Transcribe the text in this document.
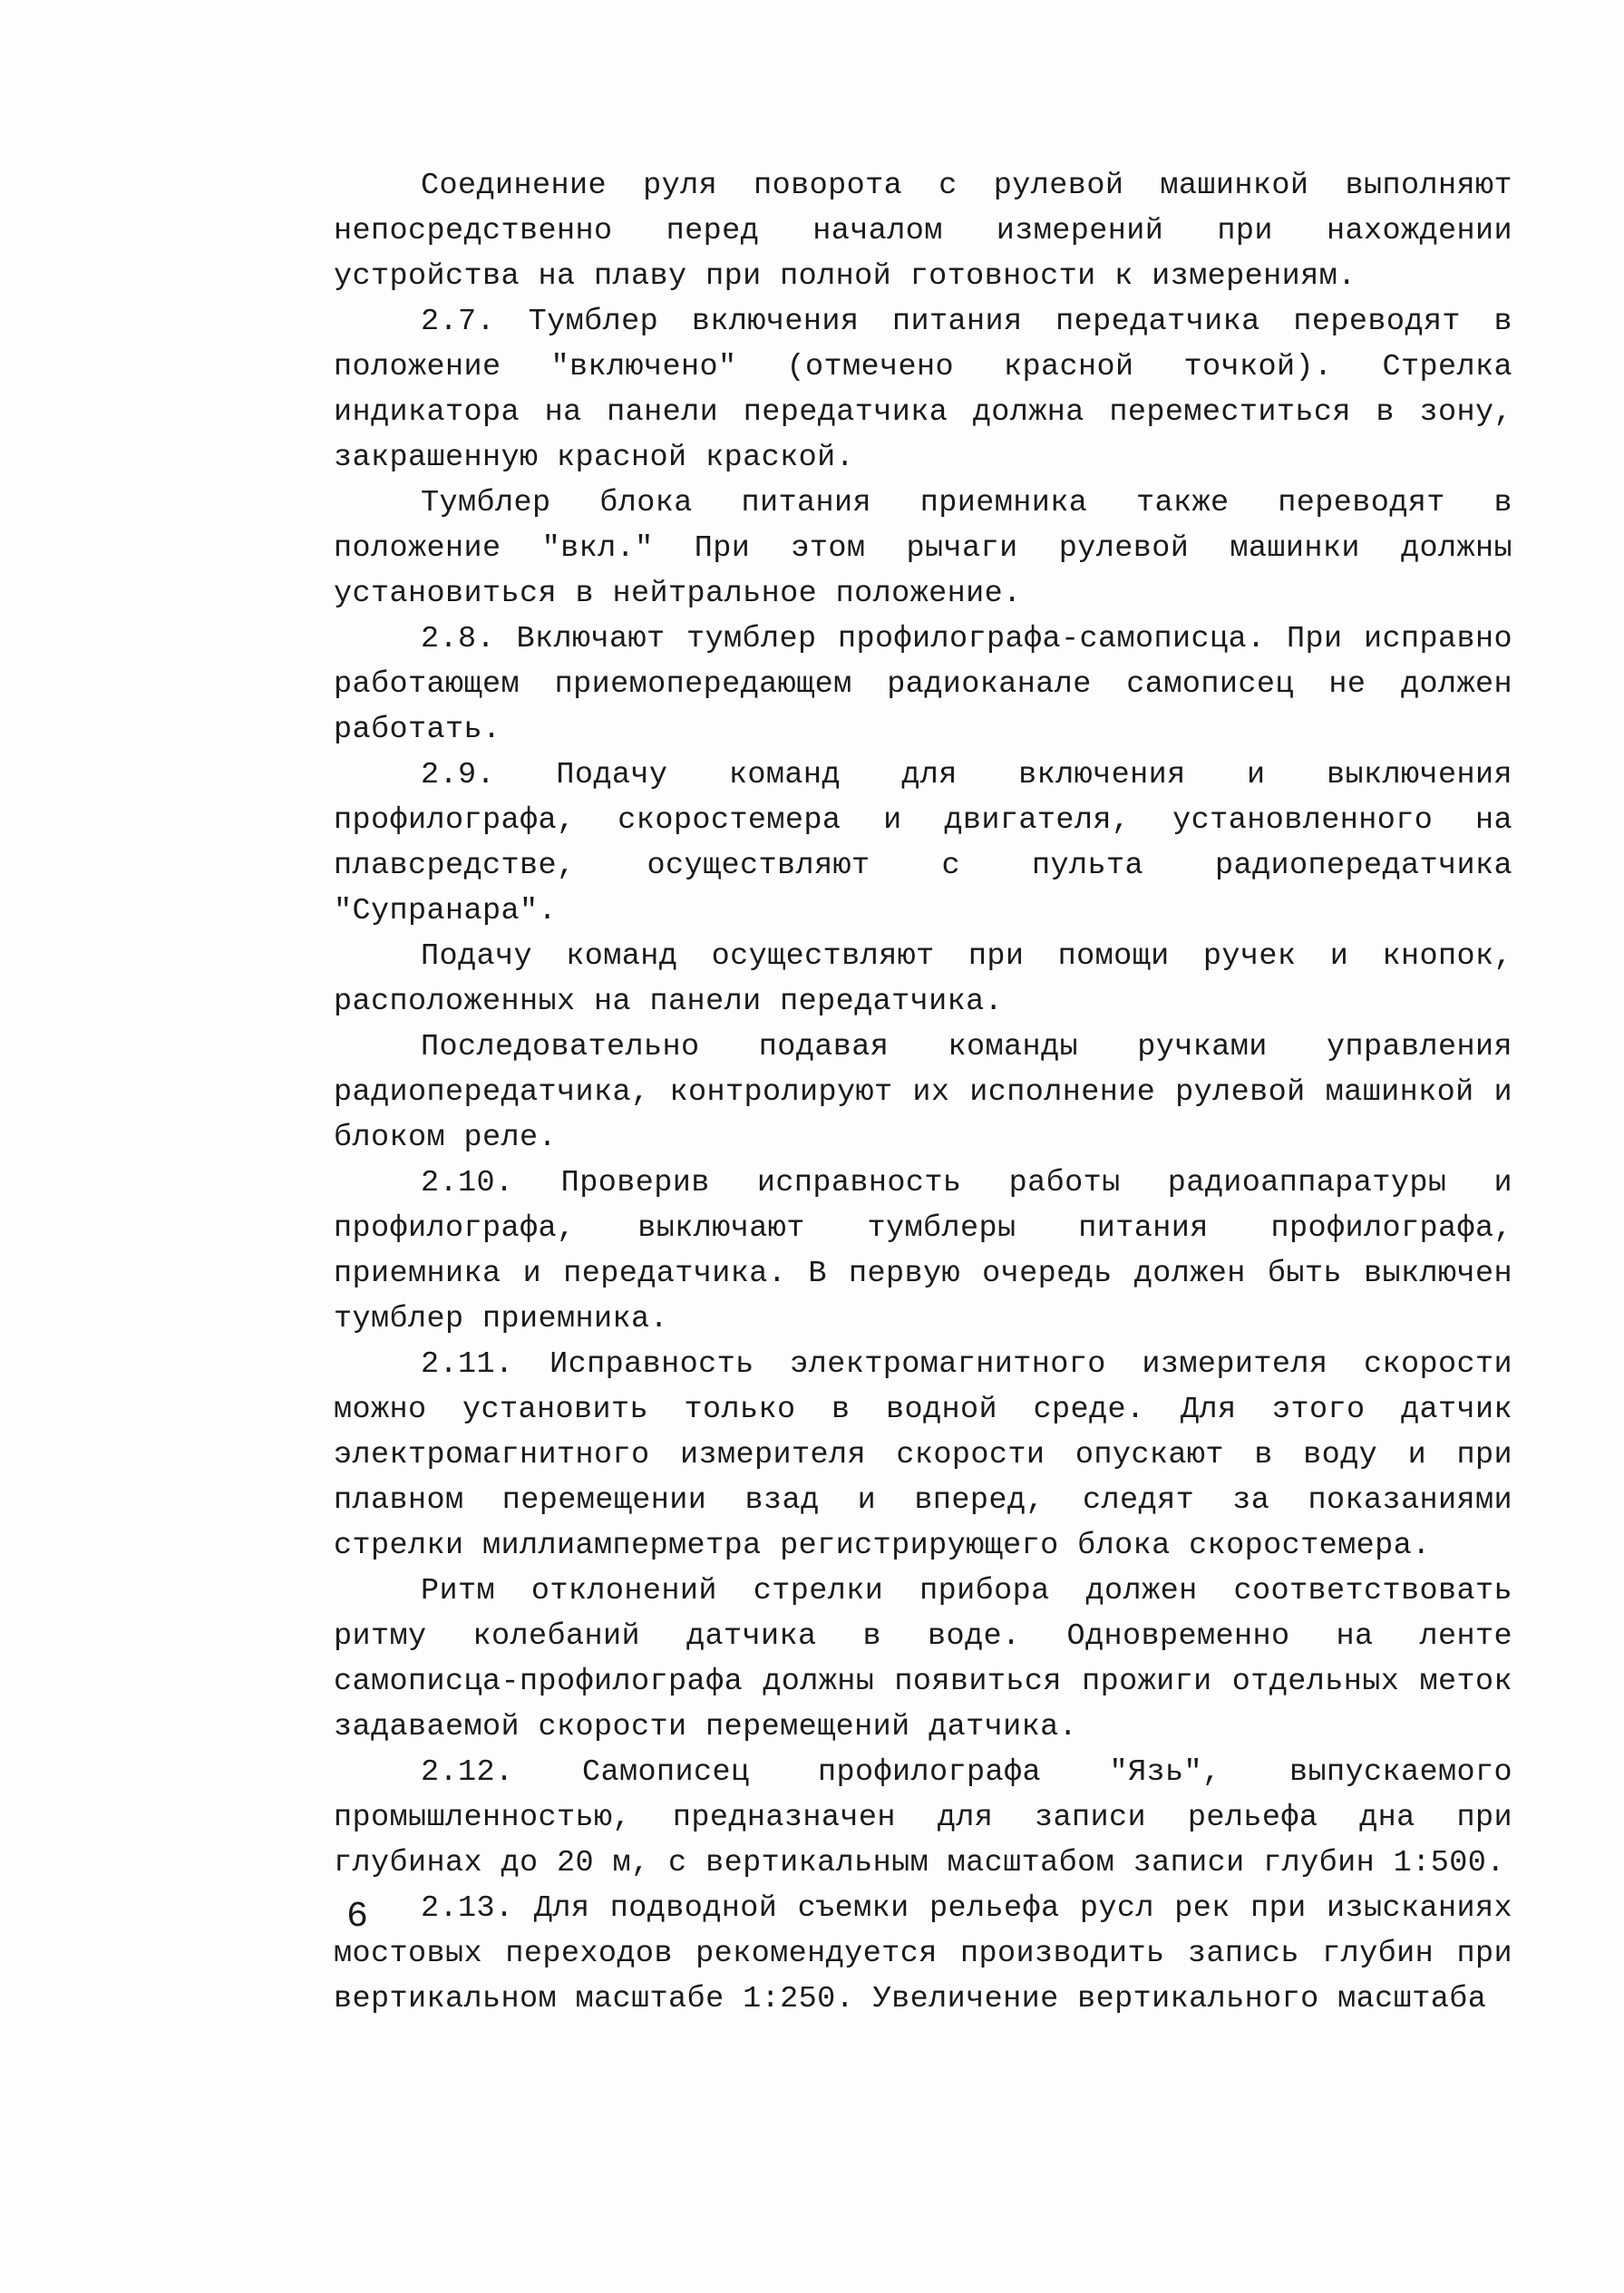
Соединение руля поворота с рулевой машинкой выполняют непосредственно перед началом измерений при нахождении устройства на плаву при полной готовности к измерениям.

2.7. Тумблер включения питания передатчика переводят в положение "включено" (отмечено красной точкой). Стрелка индикатора на панели передатчика должна переместиться в зону, закрашенную красной краской.

Тумблер блока питания приемника также переводят в положение "вкл." При этом рычаги рулевой машинки должны установиться в нейтральное положение.

2.8. Включают тумблер профилографа-самописца. При исправно работающем приемопередающем радиоканале самописец не должен работать.

2.9. Подачу команд для включения и выключения профилографа, скоростемера и двигателя, установленного на плавсредстве, осуществляют с пульта радиопередатчика "Супранара".

Подачу команд осуществляют при помощи ручек и кнопок, расположенных на панели передатчика.

Последовательно подавая команды ручками управления радиопередатчика, контролируют их исполнение рулевой машинкой и блоком реле.

2.10. Проверив исправность работы радиоаппаратуры и профилографа, выключают тумблеры питания профилографа, приемника и передатчика. В первую очередь должен быть выключен тумблер приемника.

2.11. Исправность электромагнитного измерителя скорости можно установить только в водной среде. Для этого датчик электромагнитного измерителя скорости опускают в воду и при плавном перемещении взад и вперед, следят за показаниями стрелки миллиамперметра регистрирующего блока скоростемера.

Ритм отклонений стрелки прибора должен соответствовать ритму колебаний датчика в воде. Одновременно на ленте самописца-профилографа должны появиться прожиги отдельных меток задаваемой скорости перемещений датчика.

2.12. Самописец профилографа "Язь", выпускаемого промышленностью, предназначен для записи рельефа дна при глубинах до 20 м, с вертикальным масштабом записи глубин 1:500.

2.13. Для подводной съемки рельефа русл рек при изысканиях мостовых переходов рекомендуется производить запись глубин при вертикальном масштабе 1:250. Увеличение вертикального масштаба

6
